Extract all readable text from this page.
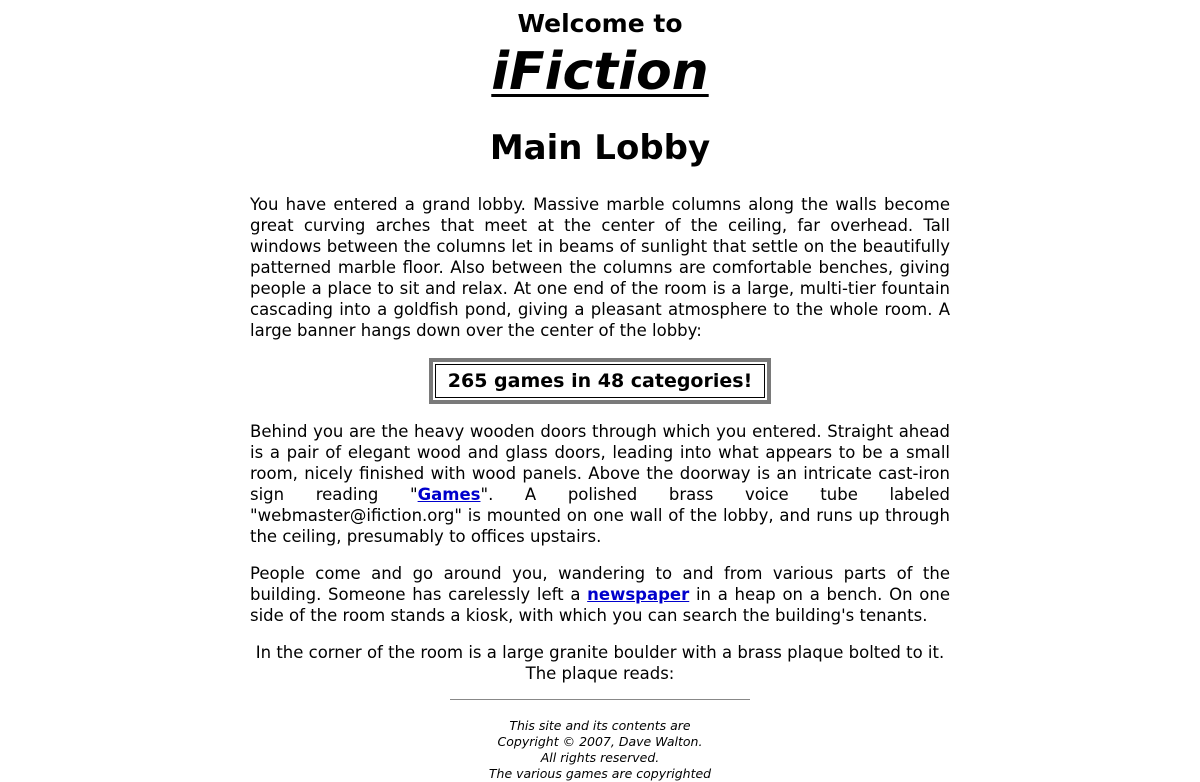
Welcome to
iFiction
Main Lobby

You have entered a grand lobby. Massive marble columns along the walls become great curving arches that meet at the center of the ceiling, far overhead. Tall windows between the columns let in beams of sunlight that settle on the beautifully patterned marble floor. Also between the columns are comfortable benches, giving people a place to sit and relax. At one end of the room is a large, multi-tier fountain cascading into a goldfish pond, giving a pleasant atmosphere to the whole room. A large banner hangs down over the center of the lobby:

265 games in 48 categories!

Behind you are the heavy wooden doors through which you entered. Straight ahead is a pair of elegant wood and glass doors, leading into what appears to be a small room, nicely finished with wood panels. Above the doorway is an intricate cast-iron sign reading "Games". A polished brass voice tube labeled "webmaster@ifiction.org" is mounted on one wall of the lobby, and runs up through the ceiling, presumably to offices upstairs.

People come and go around you, wandering to and from various parts of the building. Someone has carelessly left a newspaper in a heap on a bench. On one side of the room stands a kiosk, with which you can search the building's tenants.

In the corner of the room is a large granite boulder with a brass plaque bolted to it. The plaque reads:

This site and its contents are
Copyright © 2007, Dave Walton.
All rights reserved.
The various games are copyrighted
